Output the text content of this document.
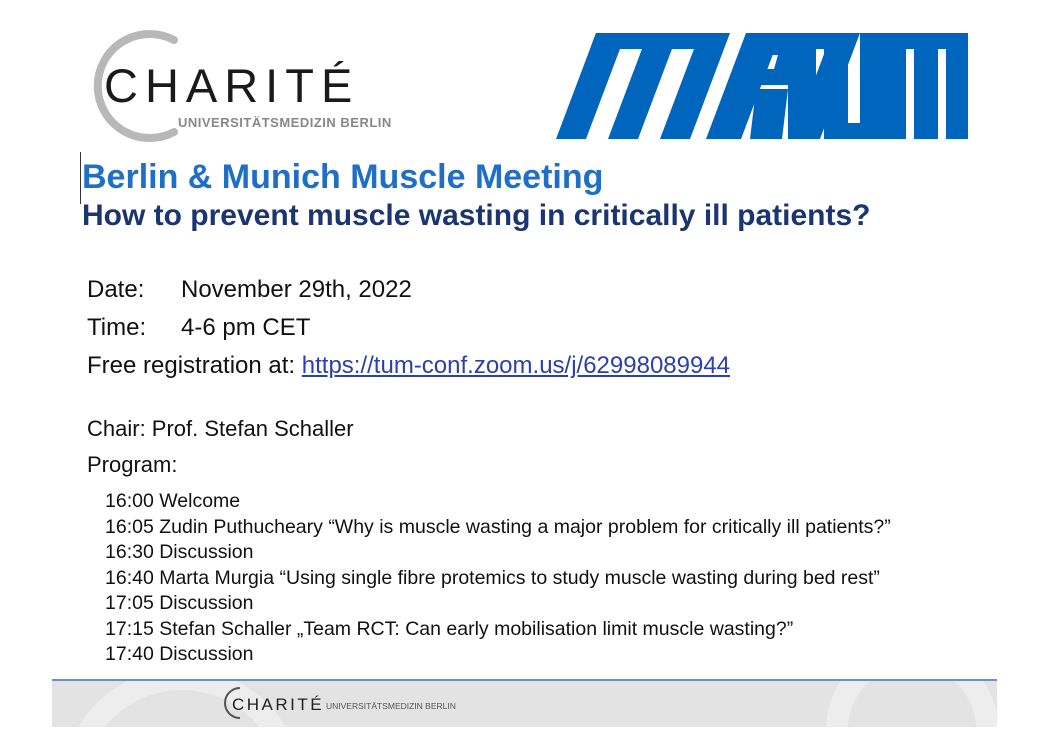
CHARITÉ
UNIVERSITÄTSMEDIZIN BERLIN
Berlin & Munich Muscle Meeting
How to prevent muscle wasting in critically ill patients?
Date: November 29th, 2022
Time: 4-6 pm CET
Free registration at: https://tum-conf.zoom.us/j/62998089944
Chair: Prof. Stefan Schaller
Program:
16:00 Welcome
16:05 Zudin Puthucheary “Why is muscle wasting a major problem for critically ill patients?”
16:30 Discussion
16:40 Marta Murgia “Using single fibre protemics to study muscle wasting during bed rest”
17:05 Discussion
17:15 Stefan Schaller „Team RCT: Can early mobilisation limit muscle wasting?”
17:40 Discussion
CHARITÉ UNIVERSITÄTSMEDIZIN BERLIN
